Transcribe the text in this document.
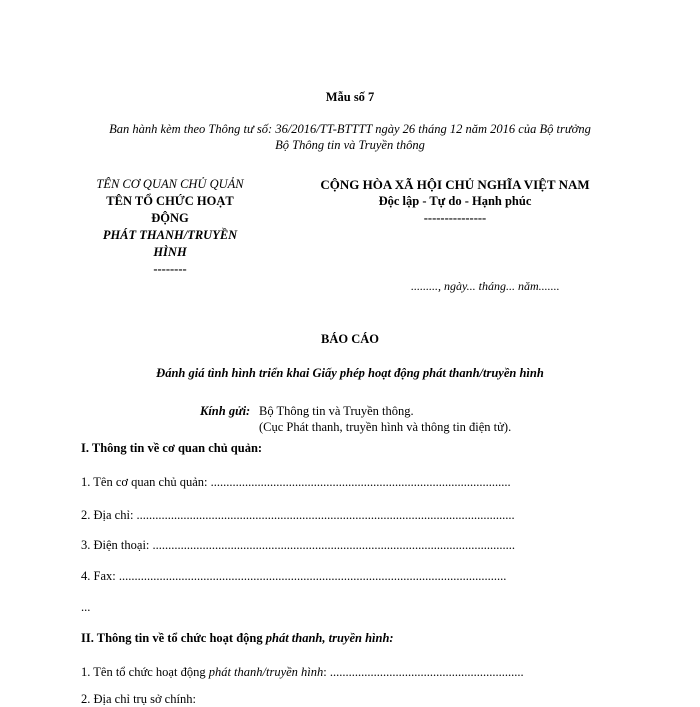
Mẫu số 7
Ban hành kèm theo Thông tư số: 36/2016/TT-BTTTT ngày 26 tháng 12 năm 2016 của Bộ trưởng
Bộ Thông tin và Truyền thông
TÊN CƠ QUAN CHỦ QUẢN
TÊN TỔ CHỨC HOẠT
ĐỘNG
PHÁT THANH/TRUYỀN
HÌNH
--------
CỘNG HÒA XÃ HỘI CHỦ NGHĨA VIỆT NAM
Độc lập - Tự do - Hạnh phúc
---------------
........., ngày... tháng... năm.......
BÁO CÁO
Đánh giá tình hình triển khai Giấy phép hoạt động phát thanh/truyền hình
Kính gửi: Bộ Thông tin và Truyền thông.
(Cục Phát thanh, truyền hình và thông tin điện tử).
I. Thông tin về cơ quan chủ quản:
1. Tên cơ quan chủ quản: ................................................................................................
2. Địa chỉ: .........................................................................................................................
3. Điện thoại: ....................................................................................................................
4. Fax: ............................................................................................................................
...
II. Thông tin về tổ chức hoạt động phát thanh, truyền hình:
1. Tên tổ chức hoạt động phát thanh/truyền hình: ..............................................................
2. Địa chỉ trụ sở chính:
